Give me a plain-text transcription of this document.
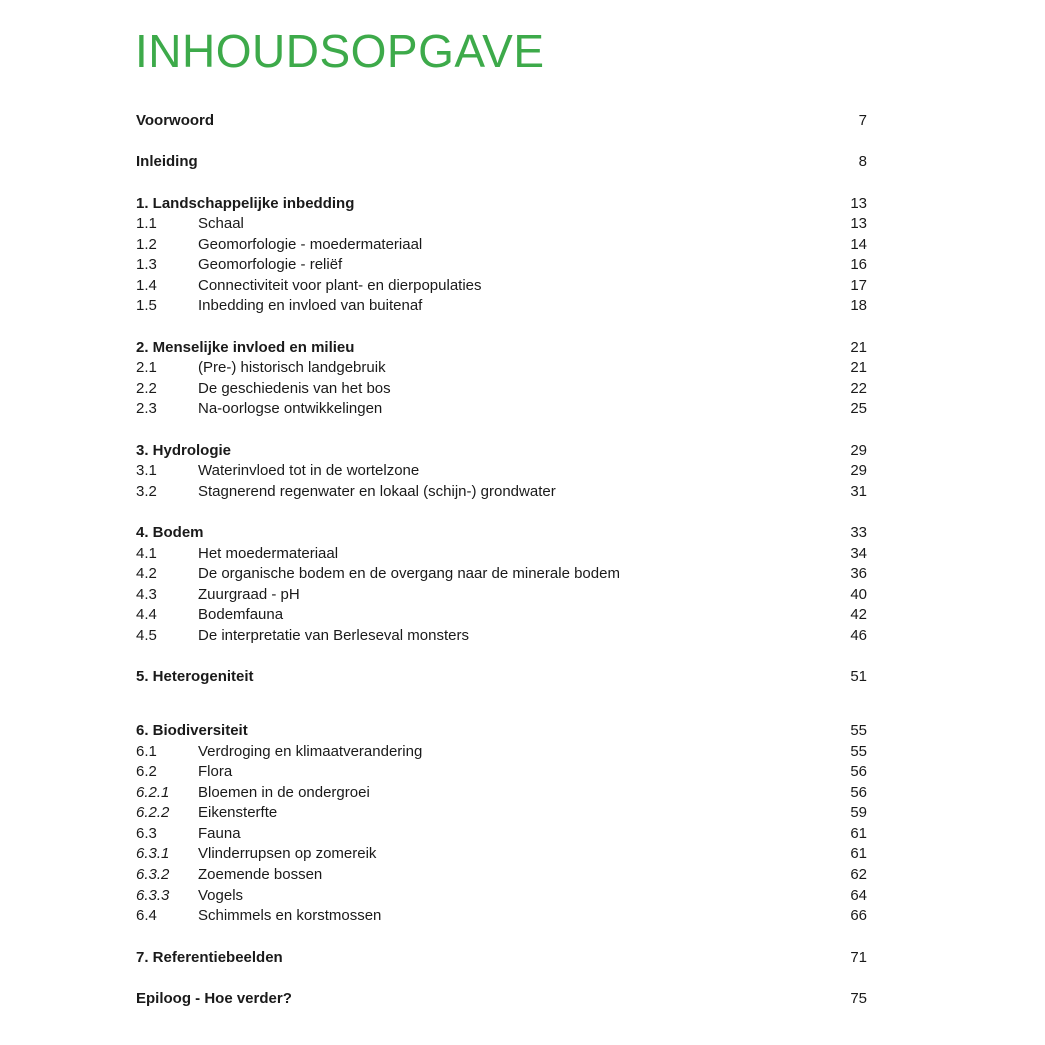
INHOUDSOPGAVE
Voorwoord	7
Inleiding	8
1. Landschappelijke inbedding	13
1.1	Schaal	13
1.2	Geomorfologie - moedermateriaal	14
1.3	Geomorfologie - reliëf	16
1.4	Connectiviteit voor plant- en dierpopulaties	17
1.5	Inbedding en invloed van buitenaf	18
2. Menselijke invloed en milieu	21
2.1	(Pre-) historisch landgebruik	21
2.2	De geschiedenis van het bos	22
2.3	Na-oorlogse ontwikkelingen	25
3. Hydrologie	29
3.1	Waterinvloed tot in de wortelzone	29
3.2	Stagnerend regenwater en lokaal (schijn-) grondwater	31
4. Bodem	33
4.1	Het moedermateriaal	34
4.2	De organische bodem en de overgang naar de minerale bodem	36
4.3	Zuurgraad - pH	40
4.4	Bodemfauna	42
4.5	De interpretatie van Berleseval monsters	46
5. Heterogeniteit	51
6. Biodiversiteit	55
6.1	Verdroging en klimaatverandering	55
6.2	Flora	56
6.2.1 Bloemen in de ondergroei	56
6.2.2 Eikensterfte	59
6.3	Fauna	61
6.3.1 Vlinderrupsen op zomereik	61
6.3.2 Zoemende bossen	62
6.3.3 Vogels	64
6.4	Schimmels en korstmossen	66
7. Referentiebeelden	71
Epiloog - Hoe verder?	75
